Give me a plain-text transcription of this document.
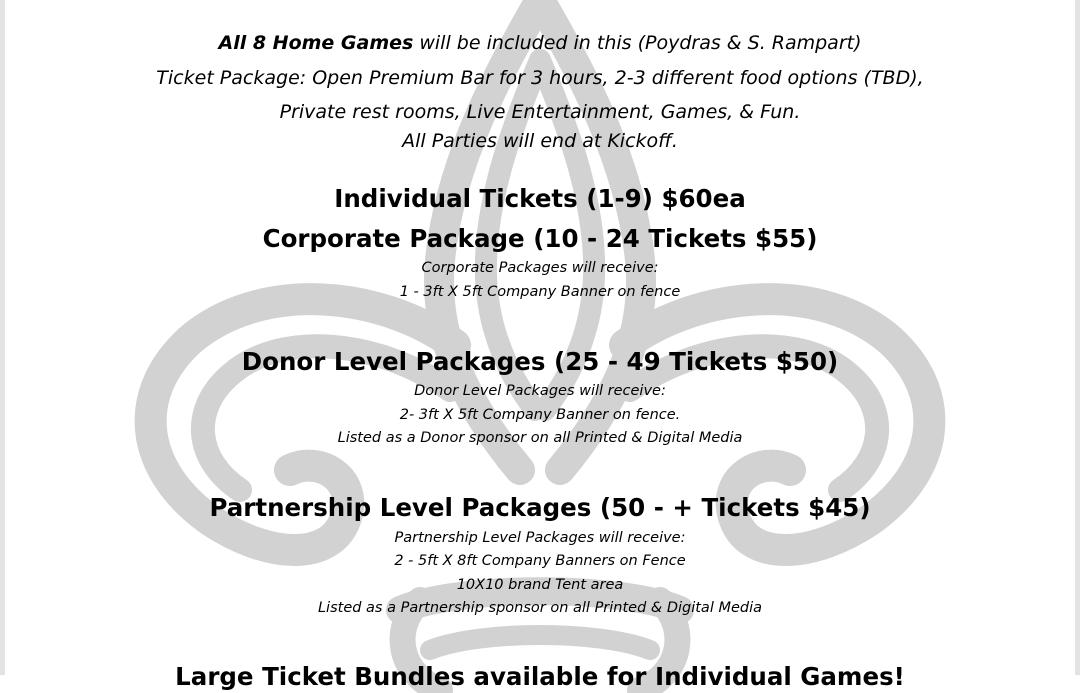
All 8 Home Games will be included in this (Poydras & S. Rampart)
Ticket Package: Open Premium Bar for 3 hours, 2-3 different food options (TBD),
Private rest rooms, Live Entertainment, Games, & Fun.
All Parties will end at Kickoff.
Individual Tickets (1-9) $60ea
Corporate Package (10 - 24 Tickets $55)
Corporate Packages will receive:
1 - 3ft X 5ft Company Banner on fence
Donor Level Packages (25 - 49 Tickets $50)
Donor Level Packages will receive:
2- 3ft X 5ft Company Banner on fence.
Listed as a Donor sponsor on all Printed & Digital Media
Partnership Level Packages (50 - + Tickets $45)
Partnership Level Packages will receive:
2 - 5ft X 8ft Company Banners on Fence
10X10 brand Tent area
Listed as a Partnership sponsor on all Printed & Digital Media
Large Ticket Bundles available for Individual Games!
